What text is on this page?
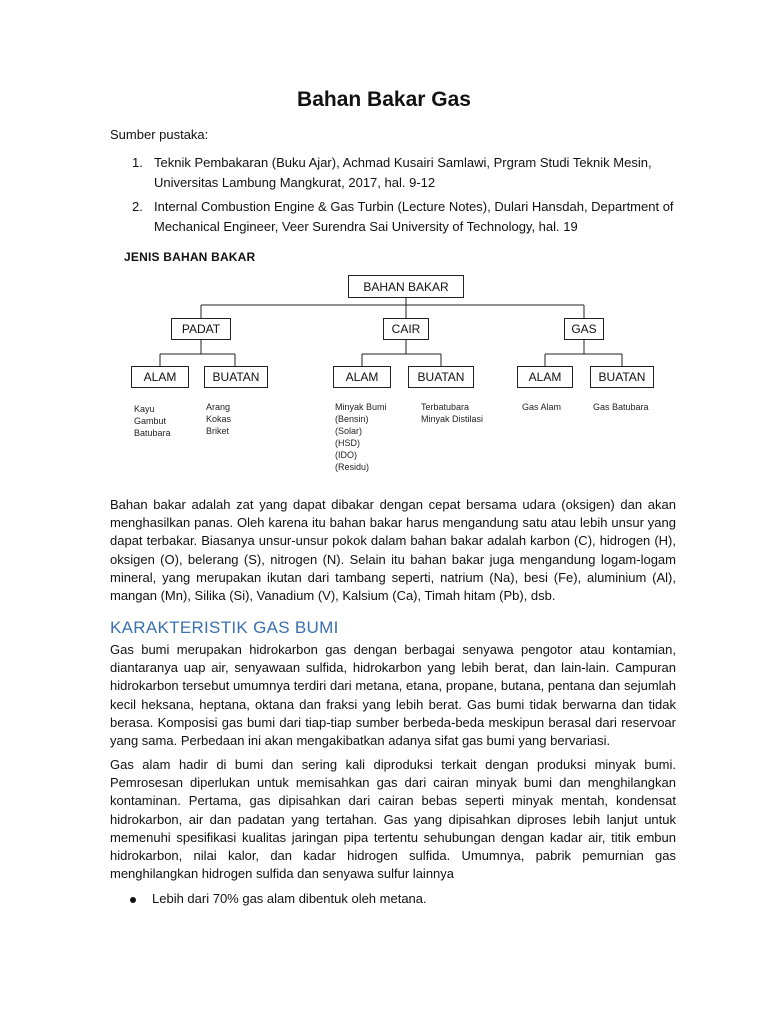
Bahan Bakar Gas
Sumber pustaka:
1. Teknik Pembakaran (Buku Ajar), Achmad Kusairi Samlawi, Prgram Studi Teknik Mesin, Universitas Lambung Mangkurat, 2017, hal. 9-12
2. Internal Combustion Engine & Gas Turbin (Lecture Notes), Dulari Hansdah, Department of Mechanical Engineer, Veer Surendra Sai University of Technology, hal. 19
JENIS BAHAN BAKAR
BAHAN BAKAR
PADAT	CAIR	GAS
ALAM	BUATAN	ALAM	BUATAN	ALAM	BUATAN
Kayu
Gambut
Batubara
Arang
Kokas
Briket
Minyak Bumi
(Bensin)
(Solar)
(HSD)
(IDO)
(Residu)
Terbatubara
Minyak Distilasi
Gas Alam	Gas Batubara

Bahan bakar adalah zat yang dapat dibakar dengan cepat bersama udara (oksigen) dan akan menghasilkan panas. Oleh karena itu bahan bakar harus mengandung satu atau lebih unsur yang dapat terbakar. Biasanya unsur-unsur pokok dalam bahan bakar adalah karbon (C), hidrogen (H), oksigen (O), belerang (S), nitrogen (N). Selain itu bahan bakar juga mengandung logam-logam mineral, yang merupakan ikutan dari tambang seperti, natrium (Na), besi (Fe), aluminium (Al), mangan (Mn), Silika (Si), Vanadium (V), Kalsium (Ca), Timah hitam (Pb), dsb.

KARAKTERISTIK GAS BUMI

Gas bumi merupakan hidrokarbon gas dengan berbagai senyawa pengotor atau kontamian, diantaranya uap air, senyawaan sulfida, hidrokarbon yang lebih berat, dan lain-lain. Campuran hidrokarbon tersebut umumnya terdiri dari metana, etana, propane, butana, pentana dan sejumlah kecil heksana, heptana, oktana dan fraksi yang lebih berat. Gas bumi tidak berwarna dan tidak berasa. Komposisi gas bumi dari tiap-tiap sumber berbeda-beda meskipun berasal dari reservoar yang sama. Perbedaan ini akan mengakibatkan adanya sifat gas bumi yang bervariasi.

Gas alam hadir di bumi dan sering kali diproduksi terkait dengan produksi minyak bumi. Pemrosesan diperlukan untuk memisahkan gas dari cairan minyak bumi dan menghilangkan kontaminan. Pertama, gas dipisahkan dari cairan bebas seperti minyak mentah, kondensat hidrokarbon, air dan padatan yang tertahan. Gas yang dipisahkan diproses lebih lanjut untuk memenuhi spesifikasi kualitas jaringan pipa tertentu sehubungan dengan kadar air, titik embun hidrokarbon, nilai kalor, dan kadar hidrogen sulfida. Umumnya, pabrik pemurnian gas menghilangkan hidrogen sulfida dan senyawa sulfur lainnya

Lebih dari 70% gas alam dibentuk oleh metana.
